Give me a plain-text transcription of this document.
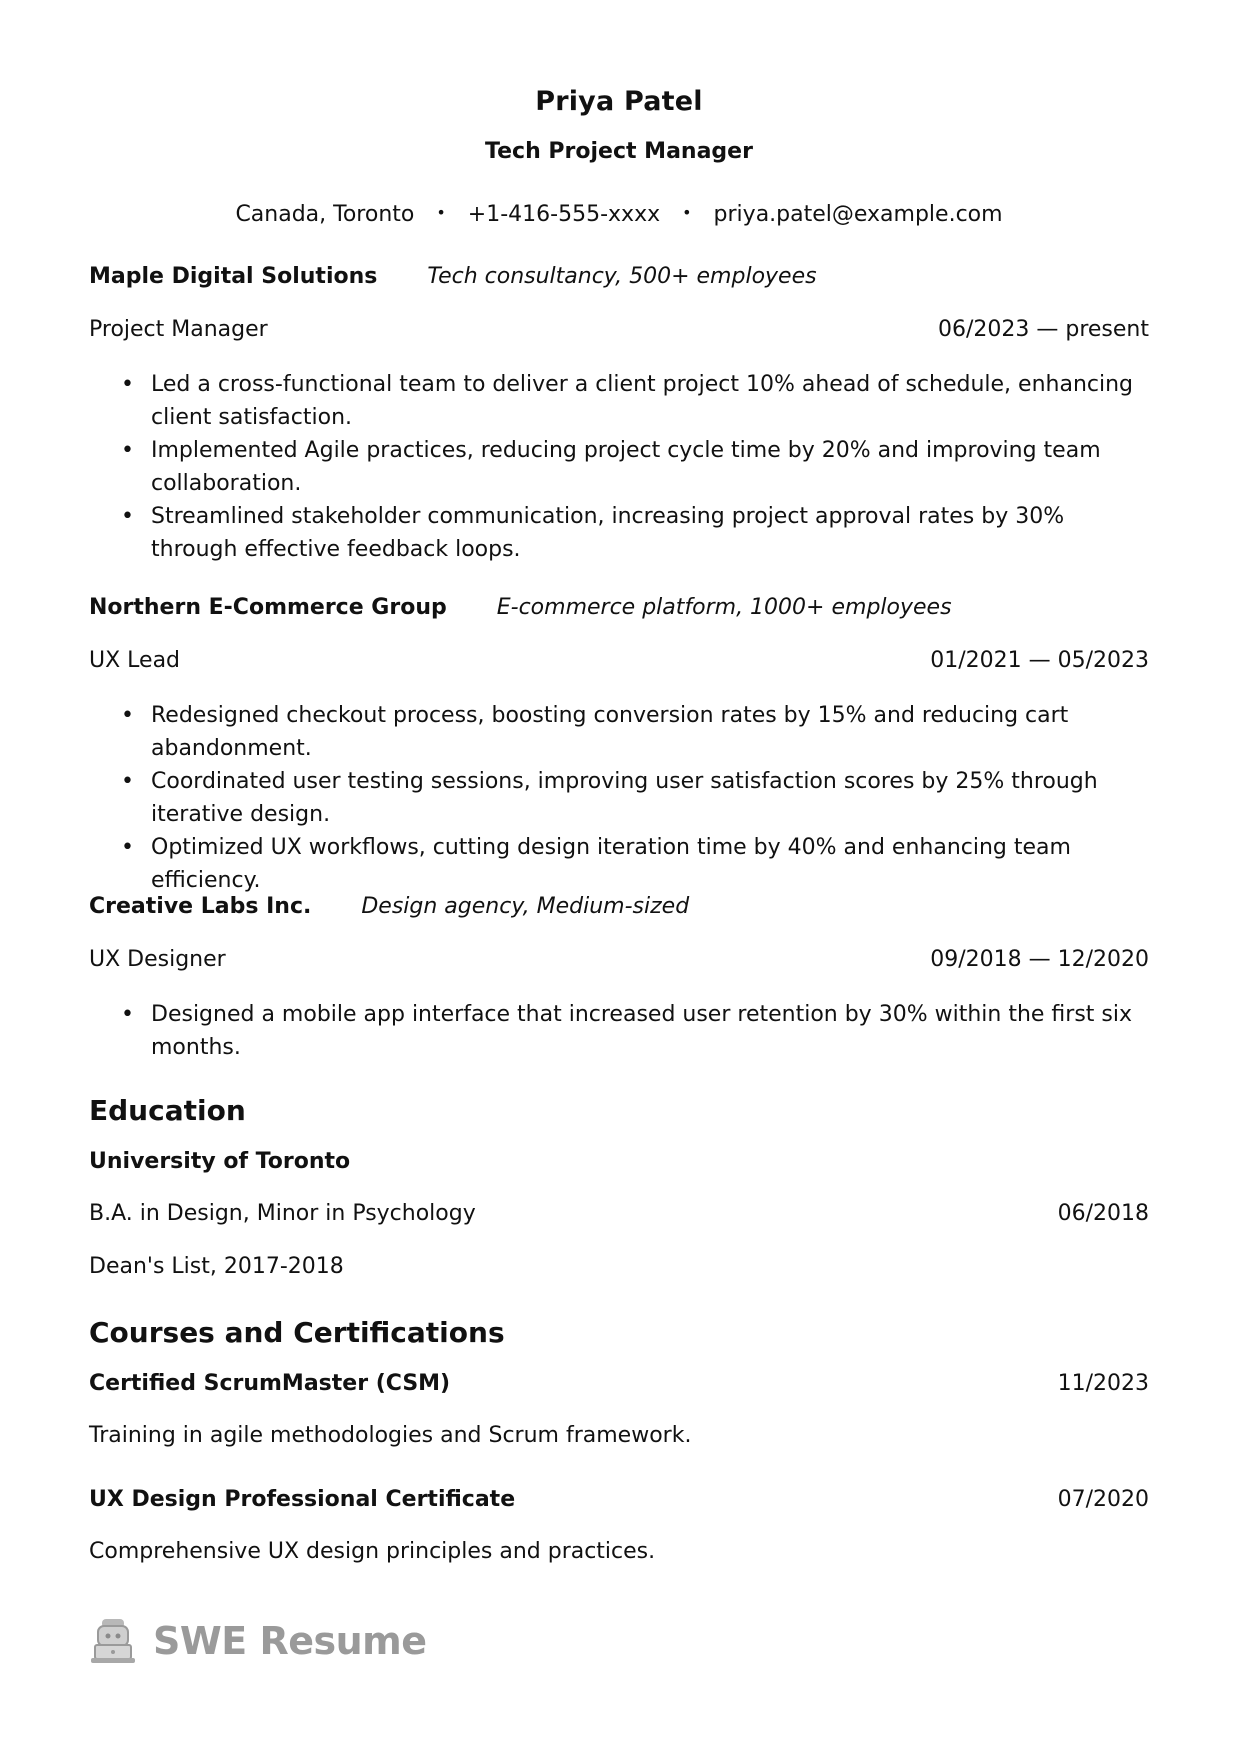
Priya Patel
Tech Project Manager
Canada, Toronto • +1-416-555-xxxx • priya.patel@example.com
Maple Digital Solutions Tech consultancy, 500+ employees
Project Manager	06/2023 — present
• Led a cross-functional team to deliver a client project 10% ahead of schedule, enhancing client satisfaction.
• Implemented Agile practices, reducing project cycle time by 20% and improving team collaboration.
• Streamlined stakeholder communication, increasing project approval rates by 30% through effective feedback loops.
Northern E-Commerce Group E-commerce platform, 1000+ employees
UX Lead	01/2021 — 05/2023
• Redesigned checkout process, boosting conversion rates by 15% and reducing cart abandonment.
• Coordinated user testing sessions, improving user satisfaction scores by 25% through iterative design.
• Optimized UX workflows, cutting design iteration time by 40% and enhancing team efficiency.
Creative Labs Inc. Design agency, Medium-sized
UX Designer	09/2018 — 12/2020
• Designed a mobile app interface that increased user retention by 30% within the first six months.
Education
University of Toronto
B.A. in Design, Minor in Psychology	06/2018
Dean's List, 2017-2018
Courses and Certifications
Certified ScrumMaster (CSM)	11/2023
Training in agile methodologies and Scrum framework.
UX Design Professional Certificate	07/2020
Comprehensive UX design principles and practices.
SWE Resume
